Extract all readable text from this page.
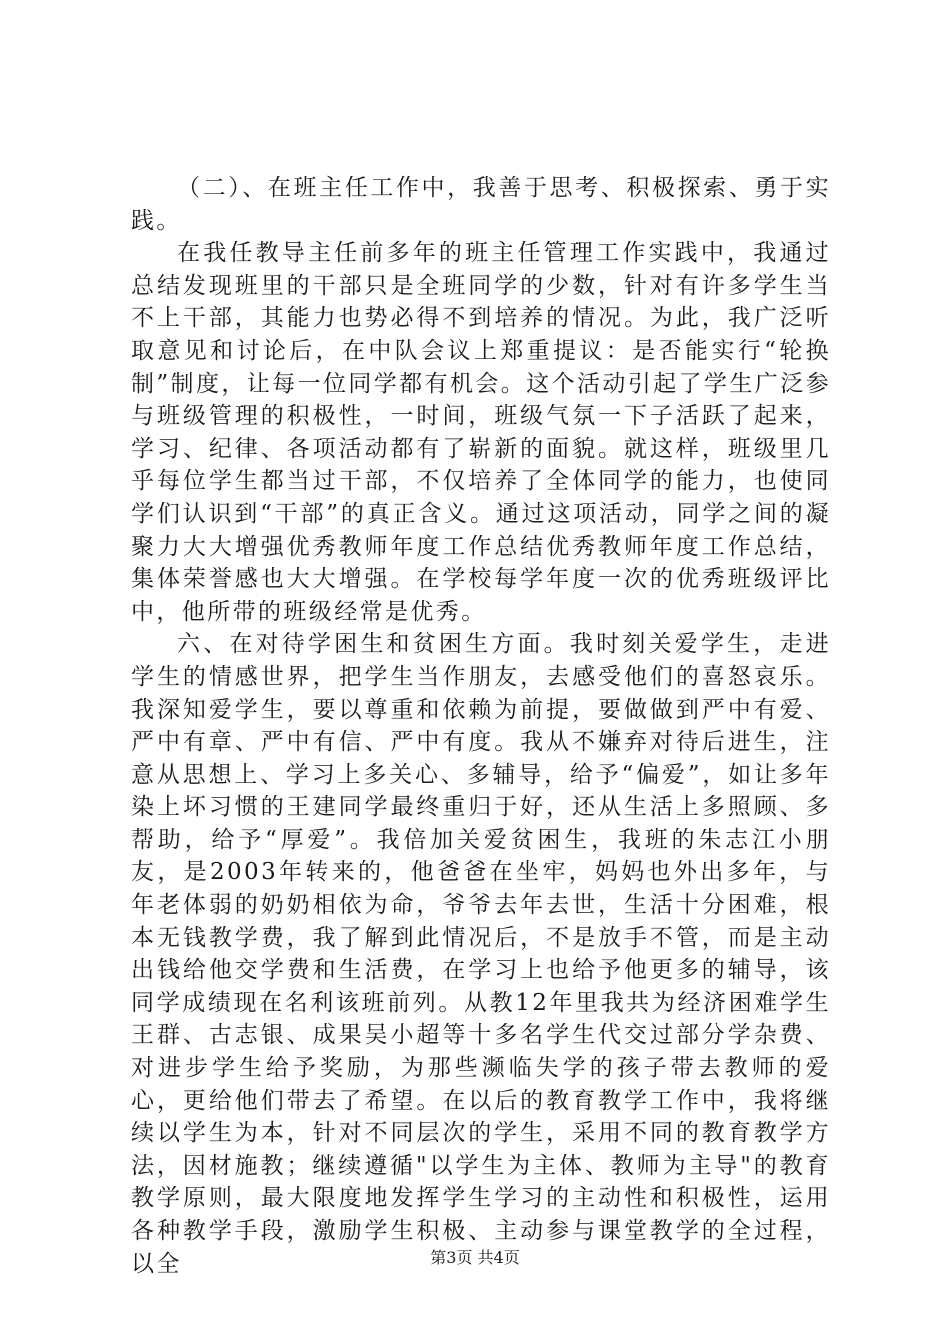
（二）、在班主任工作中，我善于思考、积极探索、勇于实践。

在我任教导主任前多年的班主任管理工作实践中，我通过总结发现班里的干部只是全班同学的少数，针对有许多学生当不上干部，其能力也势必得不到培养的情况。为此，我广泛听取意见和讨论后，在中队会议上郑重提议：是否能实行“轮换制”制度，让每一位同学都有机会。这个活动引起了学生广泛参与班级管理的积极性，一时间，班级气氛一下子活跃了起来，学习、纪律、各项活动都有了崭新的面貌。就这样，班级里几乎每位学生都当过干部，不仅培养了全体同学的能力，也使同学们认识到“干部”的真正含义。通过这项活动，同学之间的凝聚力大大增强优秀教师年度工作总结优秀教师年度工作总结，集体荣誉感也大大增强。在学校每学年度一次的优秀班级评比中，他所带的班级经常是优秀。

六、在对待学困生和贫困生方面。我时刻关爱学生，走进学生的情感世界，把学生当作朋友，去感受他们的喜怒哀乐。我深知爱学生，要以尊重和依赖为前提，要做做到严中有爱、严中有章、严中有信、严中有度。我从不嫌弃对待后进生，注意从思想上、学习上多关心、多辅导，给予“偏爱”，如让多年染上坏习惯的王建同学最终重归于好，还从生活上多照顾、多帮助，给予“厚爱”。我倍加关爱贫困生，我班的朱志江小朋友，是2003年转来的，他爸爸在坐牢，妈妈也外出多年，与年老体弱的奶奶相依为命，爷爷去年去世，生活十分困难，根本无钱教学费，我了解到此情况后，不是放手不管，而是主动出钱给他交学费和生活费，在学习上也给予他更多的辅导，该同学成绩现在名利该班前列。从教12年里我共为经济困难学生王群、古志银、成果吴小超等十多名学生代交过部分学杂费、对进步学生给予奖励，为那些濒临失学的孩子带去教师的爱心，更给他们带去了希望。在以后的教育教学工作中，我将继续以学生为本，针对不同层次的学生，采用不同的教育教学方法，因材施教；继续遵循"以学生为主体、教师为主导"的教育教学原则，最大限度地发挥学生学习的主动性和积极性，运用各种教学手段，激励学生积极、主动参与课堂教学的全过程，以全	第3页 共4页
